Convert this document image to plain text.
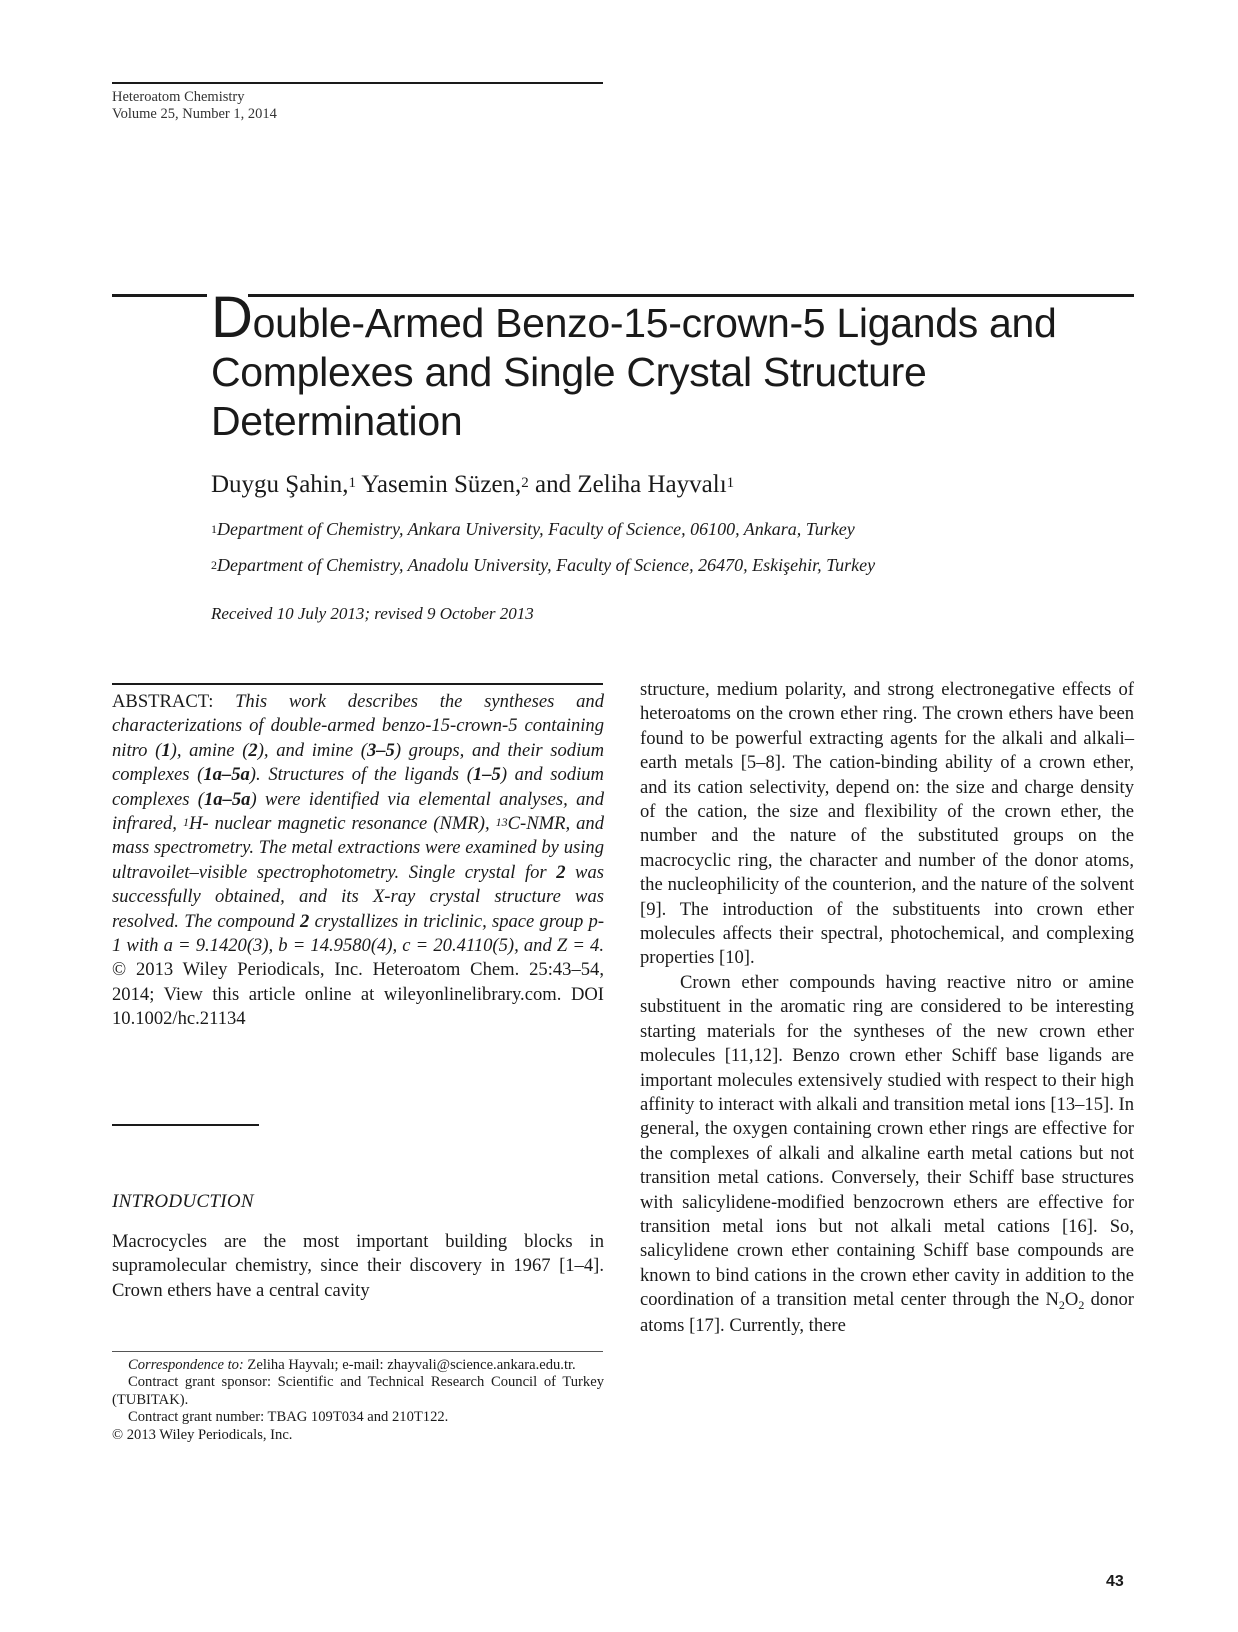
Heteroatom Chemistry
Volume 25, Number 1, 2014
Double-Armed Benzo-15-crown-5 Ligands and Complexes and Single Crystal Structure Determination
Duygu Şahin,$^1$ Yasemin Süzen,$^2$ and Zeliha Hayvalı$^1$
$^1$Department of Chemistry, Ankara University, Faculty of Science, 06100, Ankara, Turkey
$^2$Department of Chemistry, Anadolu University, Faculty of Science, 26470, Eskişehir, Turkey
Received 10 July 2013; revised 9 October 2013
ABSTRACT: This work describes the syntheses and characterizations of double-armed benzo-15-crown-5 containing nitro (1), amine (2), and imine (3–5) groups, and their sodium complexes (1a–5a). Structures of the ligands (1–5) and sodium complexes (1a–5a) were identified via elemental analyses, and infrared, $^1$H- nuclear magnetic resonance (NMR), $^{13}$C-NMR, and mass spectrometry. The metal extractions were examined by using ultravoilet–visible spectrophotometry. Single crystal for 2 was successfully obtained, and its X-ray crystal structure was resolved. The compound 2 crystallizes in triclinic, space group p-1 with a = 9.1420(3), b = 14.9580(4), c = 20.4110(5), and Z = 4. © 2013 Wiley Periodicals, Inc. Heteroatom Chem. 25:43–54, 2014; View this article online at wileyonlinelibrary.com. DOI 10.1002/hc.21134
INTRODUCTION

Macrocycles are the most important building blocks in supramolecular chemistry, since their discovery in 1967 [1–4]. Crown ethers have a central cavity

Correspondence to: Zeliha Hayvalı; e-mail: zhayvali@science.ankara.edu.tr.

Contract grant sponsor: Scientific and Technical Research Council of Turkey (TUBITAK).

Contract grant number: TBAG 109T034 and 210T122.

© 2013 Wiley Periodicals, Inc.

structure, medium polarity, and strong electronegative effects of heteroatoms on the crown ether ring. The crown ethers have been found to be powerful extracting agents for the alkali and alkali–earth metals [5–8]. The cation-binding ability of a crown ether, and its cation selectivity, depend on: the size and charge density of the cation, the size and flexibility of the crown ether, the number and the nature of the substituted groups on the macrocyclic ring, the character and number of the donor atoms, the nucleophilicity of the counterion, and the nature of the solvent [9]. The introduction of the substituents into crown ether molecules affects their spectral, photochemical, and complexing properties [10].

Crown ether compounds having reactive nitro or amine substituent in the aromatic ring are considered to be interesting starting materials for the syntheses of the new crown ether molecules [11,12]. Benzo crown ether Schiff base ligands are important molecules extensively studied with respect to their high affinity to interact with alkali and transition metal ions [13–15]. In general, the oxygen containing crown ether rings are effective for the complexes of alkali and alkaline earth metal cations but not transition metal cations. Conversely, their Schiff base structures with salicylidene-modified benzocrown ethers are effective for transition metal ions but not alkali metal cations [16]. So, salicylidene crown ether containing Schiff base compounds are known to bind cations in the crown ether cavity in addition to the coordination of a transition metal center through the $N_2O_2$ donor atoms [17]. Currently, there

43
